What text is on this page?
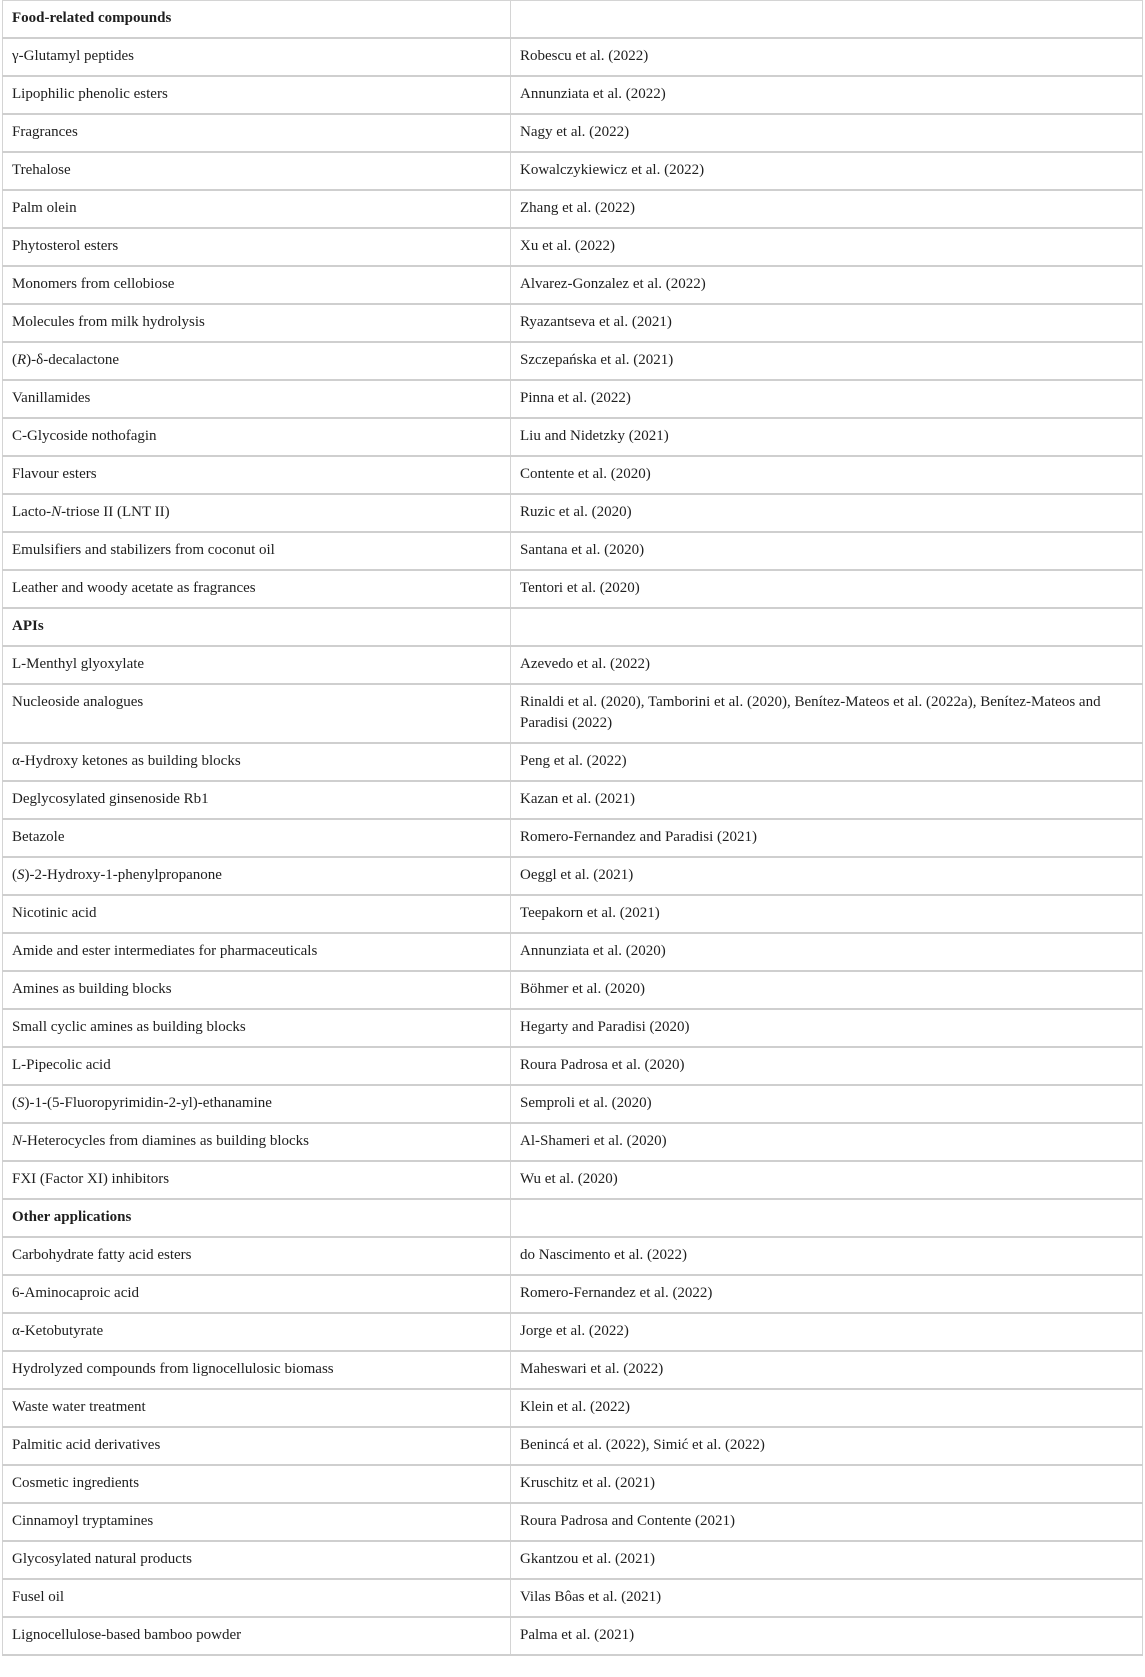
Food-related compounds	
γ-Glutamyl peptides	Robescu et al. (2022)
Lipophilic phenolic esters	Annunziata et al. (2022)
Fragrances	Nagy et al. (2022)
Trehalose	Kowalczykiewicz et al. (2022)
Palm olein	Zhang et al. (2022)
Phytosterol esters	Xu et al. (2022)
Monomers from cellobiose	Alvarez-Gonzalez et al. (2022)
Molecules from milk hydrolysis	Ryazantseva et al. (2021)
(R)-δ-decalactone	Szczepańska et al. (2021)
Vanillamides	Pinna et al. (2022)
C-Glycoside nothofagin	Liu and Nidetzky (2021)
Flavour esters	Contente et al. (2020)
Lacto-N-triose II (LNT II)	Ruzic et al. (2020)
Emulsifiers and stabilizers from coconut oil	Santana et al. (2020)
Leather and woody acetate as fragrances	Tentori et al. (2020)
APIs	
L-Menthyl glyoxylate	Azevedo et al. (2022)
Nucleoside analogues	Rinaldi et al. (2020), Tamborini et al. (2020), Benítez-Mateos et al. (2022a), Benítez-Mateos and Paradisi (2022)
α-Hydroxy ketones as building blocks	Peng et al. (2022)
Deglycosylated ginsenoside Rb1	Kazan et al. (2021)
Betazole	Romero-Fernandez and Paradisi (2021)
(S)-2-Hydroxy-1-phenylpropanone	Oeggl et al. (2021)
Nicotinic acid	Teepakorn et al. (2021)
Amide and ester intermediates for pharmaceuticals	Annunziata et al. (2020)
Amines as building blocks	Böhmer et al. (2020)
Small cyclic amines as building blocks	Hegarty and Paradisi (2020)
L-Pipecolic acid	Roura Padrosa et al. (2020)
(S)-1-(5-Fluoropyrimidin-2-yl)-ethanamine	Semproli et al. (2020)
N-Heterocycles from diamines as building blocks	Al-Shameri et al. (2020)
FXI (Factor XI) inhibitors	Wu et al. (2020)
Other applications	
Carbohydrate fatty acid esters	do Nascimento et al. (2022)
6-Aminocaproic acid	Romero-Fernandez et al. (2022)
α-Ketobutyrate	Jorge et al. (2022)
Hydrolyzed compounds from lignocellulosic biomass	Maheswari et al. (2022)
Waste water treatment	Klein et al. (2022)
Palmitic acid derivatives	Benincá et al. (2022), Simić et al. (2022)
Cosmetic ingredients	Kruschitz et al. (2021)
Cinnamoyl tryptamines	Roura Padrosa and Contente (2021)
Glycosylated natural products	Gkantzou et al. (2021)
Fusel oil	Vilas Bôas et al. (2021)
Lignocellulose-based bamboo powder	Palma et al. (2021)
